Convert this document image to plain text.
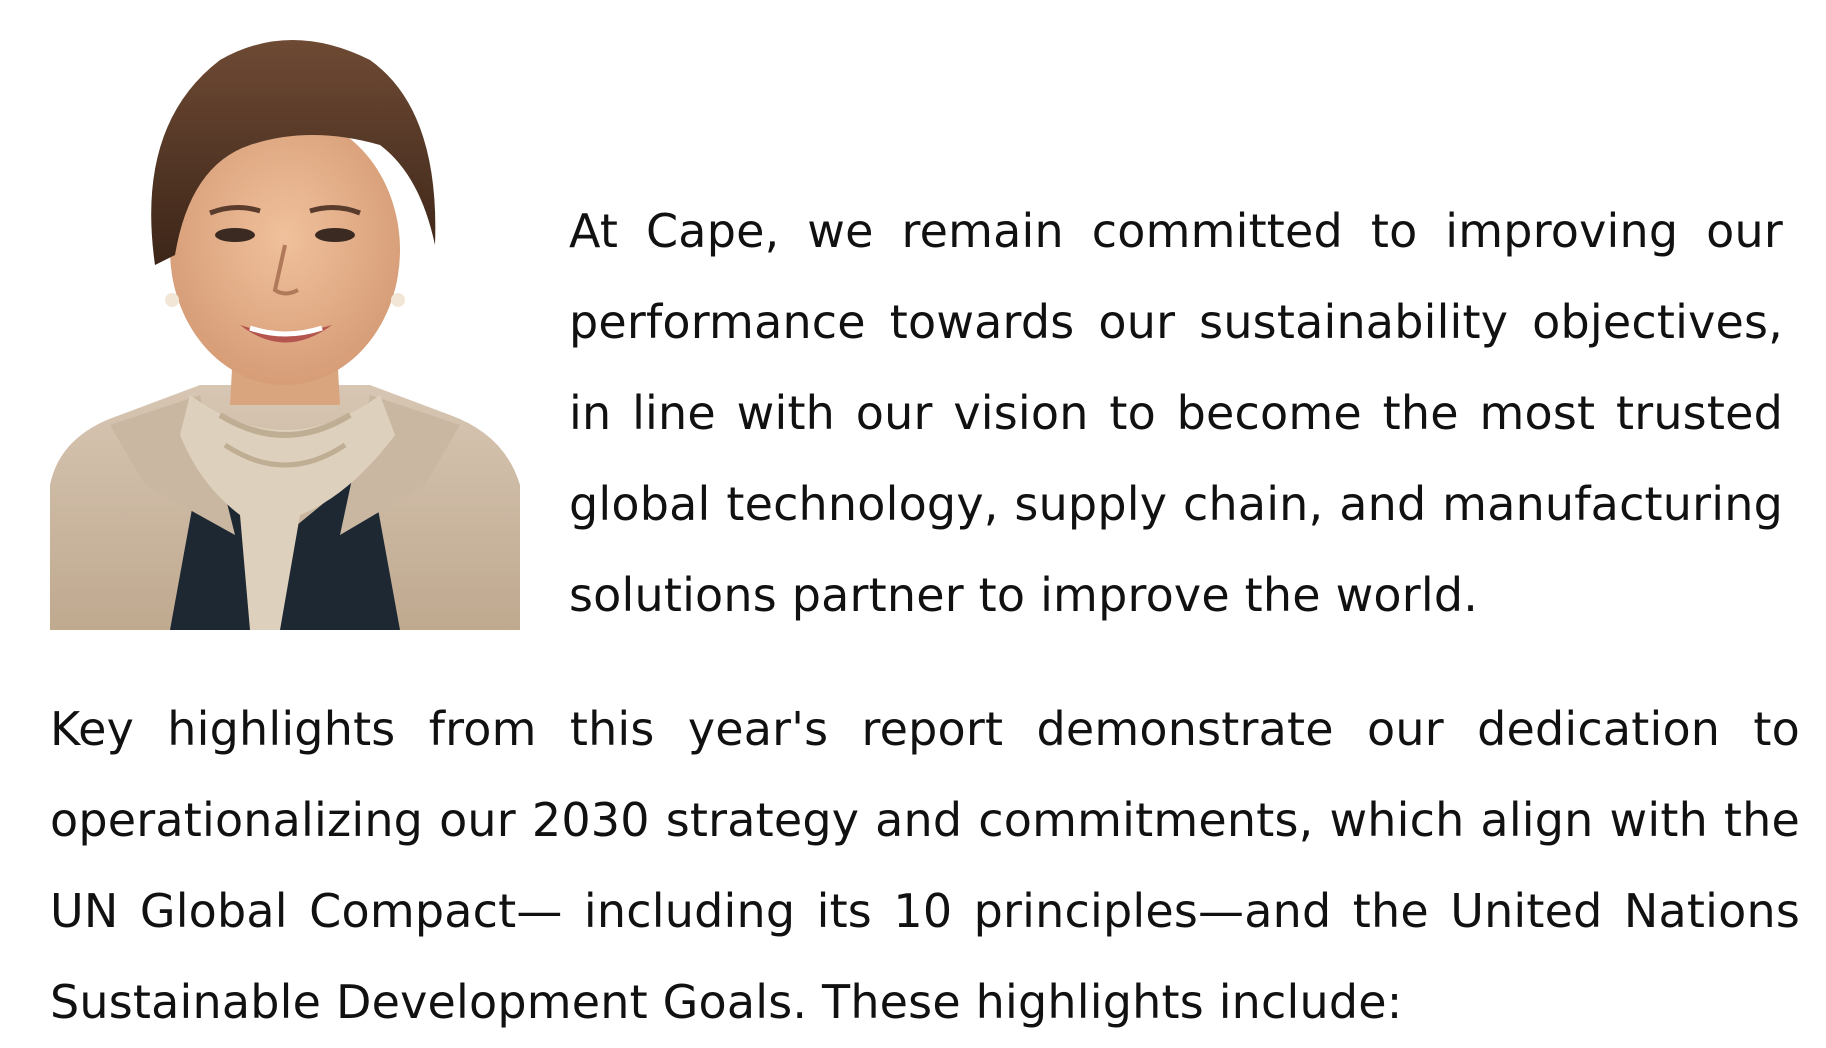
At Cape, we remain committed to improving our performance towards our sustainability objectives, in line with our vision to become the most trusted global technology, supply chain, and manufacturing solutions partner to improve the world.

Key highlights from this year's report demonstrate our dedication to operationalizing our 2030 strategy and commitments, which align with the UN Global Compact— including its 10 principles—and the United Nations Sustainable Development Goals. These highlights include:
